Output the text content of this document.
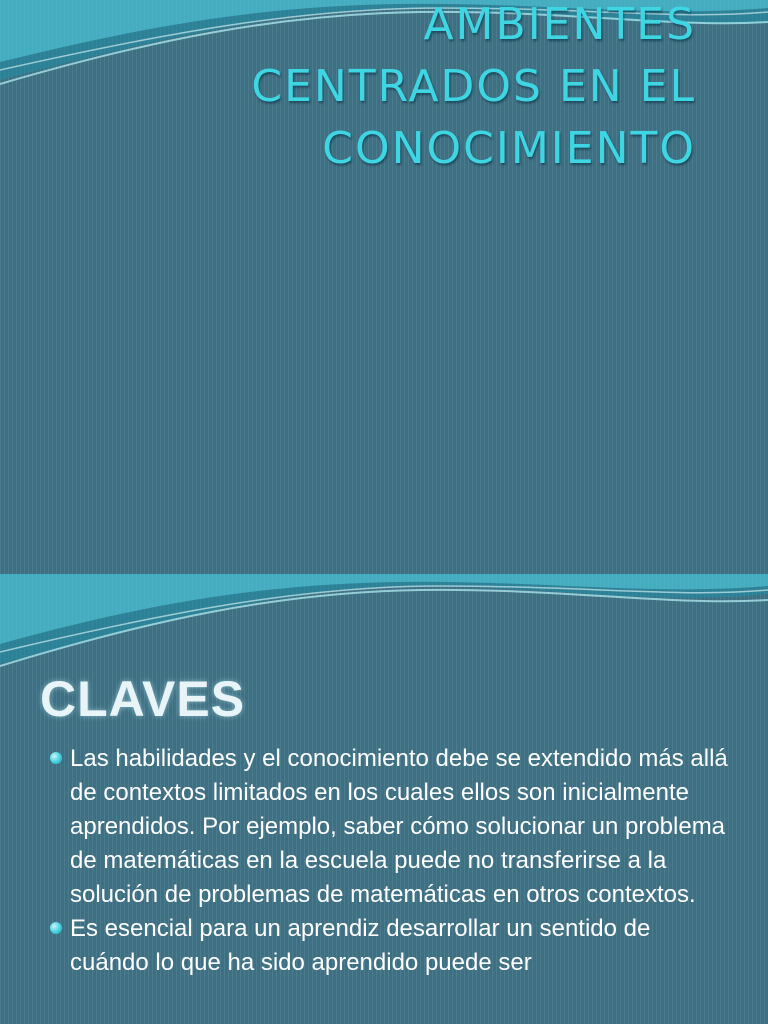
AMBIENTES
CENTRADOS EN EL
CONOCIMIENTO
CLAVES
Las habilidades y el conocimiento debe se extendido más allá de contextos limitados en los cuales ellos son inicialmente aprendidos. Por ejemplo, saber cómo solucionar un problema de matemáticas en la escuela puede no transferirse a la solución de problemas de matemáticas en otros contextos.
Es esencial para un aprendiz desarrollar un sentido de cuándo lo que ha sido aprendido puede ser
